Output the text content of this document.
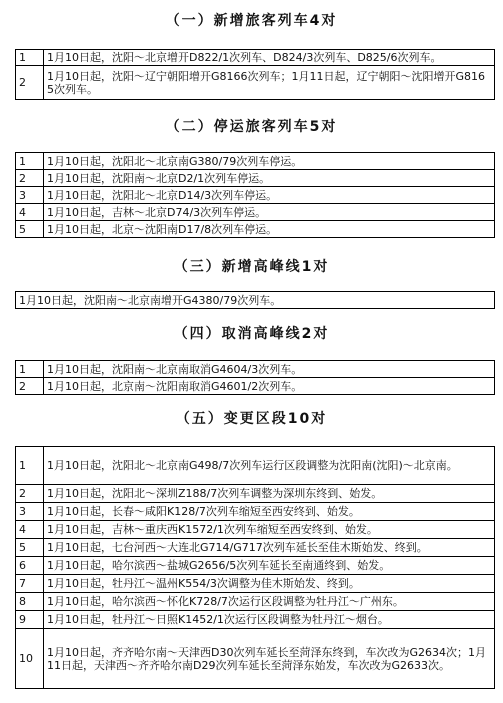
（一）新增旅客列车4对
1	1月10日起，沈阳～北京增开D822/1次列车、D824/3次列车、D825/6次列车。
2	1月10日起，沈阳～辽宁朝阳增开G8166次列车；1月11日起，辽宁朝阳～沈阳增开G8165次列车。
（二）停运旅客列车5对
1	1月10日起，沈阳北～北京南G380/79次列车停运。
2	1月10日起，沈阳南～北京D2/1次列车停运。
3	1月10日起，沈阳北～北京D14/3次列车停运。
4	1月10日起，吉林～北京D74/3次列车停运。
5	1月10日起，北京～沈阳南D17/8次列车停运。
（三）新增高峰线1对
1月10日起，沈阳南～北京南增开G4380/79次列车。
（四）取消高峰线2对
1	1月10日起，沈阳南～北京南取消G4604/3次列车。
2	1月10日起，北京南～沈阳南取消G4601/2次列车。
（五）变更区段10对
1	1月10日起，沈阳北～北京南G498/7次列车运行区段调整为沈阳南(沈阳)～北京南。
2	1月10日起，沈阳北～深圳Z188/7次列车调整为深圳东终到、始发。
3	1月10日起，长春～咸阳K128/7次列车缩短至西安终到、始发。
4	1月10日起，吉林～重庆西K1572/1次列车缩短至西安终到、始发。
5	1月10日起，七台河西～大连北G714/G717次列车延长至佳木斯始发、终到。
6	1月10日起，哈尔滨西～盐城G2656/5次列车延长至南通终到、始发。
7	1月10日起，牡丹江～温州K554/3次调整为佳木斯始发、终到。
8	1月10日起，哈尔滨西～怀化K728/7次运行区段调整为牡丹江～广州东。
9	1月10日起，牡丹江～日照K1452/1次运行区段调整为牡丹江～烟台。
10	1月10日起，齐齐哈尔南～天津西D30次列车延长至菏泽东终到，车次改为G2634次；1月11日起，天津西～齐齐哈尔南D29次列车延长至菏泽东始发，车次改为G2633次。
